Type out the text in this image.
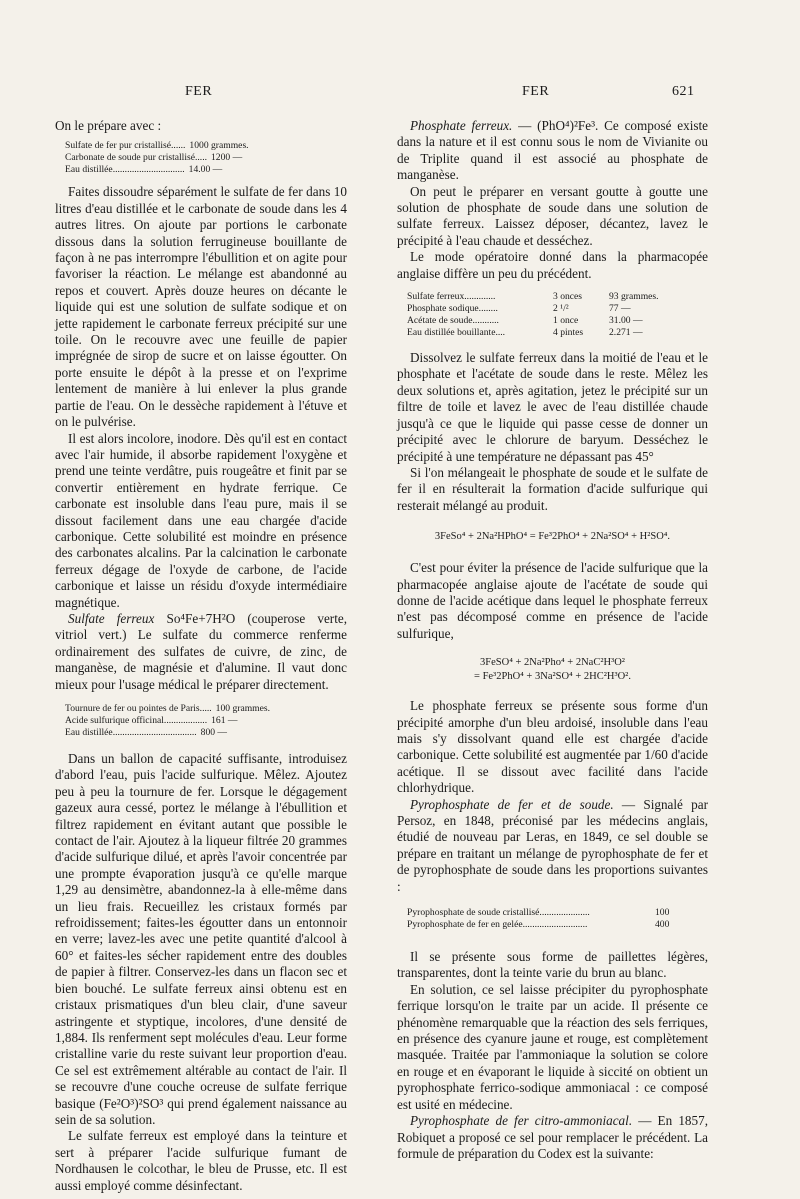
FER	FER	621

On le prépare avec :

Sulfate de fer pur cristallisé...... 1000 grammes.
Carbonate de soude pur cristallisé..... 1200 —
Eau distillée.............................. 14.00 —

Faites dissoudre séparément le sulfate de fer dans 10 litres d'eau distillée et le carbonate de soude dans les 4 autres litres. On ajoute par portions le carbonate dissous dans la solution ferrugineuse bouillante de façon à ne pas interrompre l'ébullition et on agite pour favoriser la réaction. Le mélange est abandonné au repos et couvert. Après douze heures on décante le liquide qui est une solution de sulfate sodique et on jette rapidement le carbonate ferreux précipité sur une toile. On le recouvre avec une feuille de papier imprégnée de sirop de sucre et on laisse égoutter. On porte ensuite le dépôt à la presse et on l'exprime lentement de manière à lui enlever la plus grande partie de l'eau. On le dessèche rapidement à l'étuve et on le pulvérise.

Il est alors incolore, inodore. Dès qu'il est en contact avec l'air humide, il absorbe rapidement l'oxygène et prend une teinte verdâtre, puis rougeâtre et finit par se convertir entièrement en hydrate ferrique. Ce carbonate est insoluble dans l'eau pure, mais il se dissout facilement dans une eau chargée d'acide carbonique. Cette solubilité est moindre en présence des carbonates alcalins. Par la calcination le carbonate ferreux dégage de l'oxyde de carbone, de l'acide carbonique et laisse un résidu d'oxyde intermédiaire magnétique.

Sulfate ferreux So⁴Fe+7H²O (couperose verte, vitriol vert.) Le sulfate du commerce renferme ordinairement des sulfates de cuivre, de zinc, de manganèse, de magnésie et d'alumine. Il vaut donc mieux pour l'usage médical le préparer directement.

Tournure de fer ou pointes de Paris..... 100 grammes.
Acide sulfurique officinal.................. 161 —
Eau distillée................................... 800 —

Dans un ballon de capacité suffisante, introduisez d'abord l'eau, puis l'acide sulfurique. Mêlez. Ajoutez peu à peu la tournure de fer. Lorsque le dégagement gazeux aura cessé, portez le mélange à l'ébullition et filtrez rapidement en évitant autant que possible le contact de l'air. Ajoutez à la liqueur filtrée 20 grammes d'acide sulfurique dilué, et après l'avoir concentrée par une prompte évaporation jusqu'à ce qu'elle marque 1,29 au densimètre, abandonnez-la à elle-même dans un lieu frais. Recueillez les cristaux formés par refroidissement; faites-les égoutter dans un entonnoir en verre; lavez-les avec une petite quantité d'alcool à 60° et faites-les sécher rapidement entre des doubles de papier à filtrer. Conservez-les dans un flacon sec et bien bouché. Le sulfate ferreux ainsi obtenu est en cristaux prismatiques d'un bleu clair, d'une saveur astringente et styptique, incolores, d'une densité de 1,884. Ils renferment sept molécules d'eau. Leur forme cristalline varie du reste suivant leur proportion d'eau. Ce sel est extrêmement altérable au contact de l'air. Il se recouvre d'une couche ocreuse de sulfate ferrique basique (Fe²O³)²SO³ qui prend également naissance au sein de sa solution.

Le sulfate ferreux est employé dans la teinture et sert à préparer l'acide sulfurique fumant de Nordhausen le colcothar, le bleu de Prusse, etc. Il est aussi employé comme désinfectant.

Phosphate ferreux. — (PhO⁴)²Fe³. Ce composé existe dans la nature et il est connu sous le nom de Vivianite ou de Triplite quand il est associé au phosphate de manganèse.

On peut le préparer en versant goutte à goutte une solution de phosphate de soude dans une solution de sulfate ferreux. Laissez déposer, décantez, lavez le précipité à l'eau chaude et desséchez.

Le mode opératoire donné dans la pharmacopée anglaise diffère un peu du précédent.

Sulfate ferreux.............	3 onces	93 grammes.
Phosphate sodique........	2 ¹/²	77 —
Acétate de soude...........	1 once	31.00 —
Eau distillée bouillante....	4 pintes	2.271 —

Dissolvez le sulfate ferreux dans la moitié de l'eau et le phosphate et l'acétate de soude dans le reste. Mêlez les deux solutions et, après agitation, jetez le précipité sur un filtre de toile et lavez le avec de l'eau distillée chaude jusqu'à ce que le liquide qui passe cesse de donner un précipité avec le chlorure de baryum. Desséchez le précipité à une température ne dépassant pas 45°

Si l'on mélangeait le phosphate de soude et le sulfate de fer il en résulterait la formation d'acide sulfurique qui resterait mélangé au produit.

3FeSo⁴ + 2Na²HPhO⁴ = Fe³2PhO⁴ + 2Na²SO⁴ + H²SO⁴.

C'est pour éviter la présence de l'acide sulfurique que la pharmacopée anglaise ajoute de l'acétate de soude qui donne de l'acide acétique dans lequel le phosphate ferreux n'est pas décomposé comme en présence de l'acide sulfurique,

3FeSO⁴ + 2Na²Pho⁴ + 2NaC²H³O²
= Fe³2PhO⁴ + 3Na²SO⁴ + 2HC²H³O².

Le phosphate ferreux se présente sous forme d'un précipité amorphe d'un bleu ardoisé, insoluble dans l'eau mais s'y dissolvant quand elle est chargée d'acide carbonique. Cette solubilité est augmentée par 1/60 d'acide acétique. Il se dissout avec facilité dans l'acide chlorhydrique.

Pyrophosphate de fer et de soude. — Signalé par Persoz, en 1848, préconisé par les médecins anglais, étudié de nouveau par Leras, en 1849, ce sel double se prépare en traitant un mélange de pyrophosphate de fer et de pyrophosphate de soude dans les proportions suivantes :

Pyrophosphate de soude cristallisé.....................	100
Pyrophosphate de fer en gelée...........................	400

Il se présente sous forme de paillettes légères, transparentes, dont la teinte varie du brun au blanc.

En solution, ce sel laisse précipiter du pyrophosphate ferrique lorsqu'on le traite par un acide. Il présente ce phénomène remarquable que la réaction des sels ferriques, en présence des cyanure jaune et rouge, est complètement masquée. Traitée par l'ammoniaque la solution se colore en rouge et en évaporant le liquide à siccité on obtient un pyrophosphate ferrico-sodique ammoniacal : ce composé est usité en médecine.

Pyrophosphate de fer citro-ammoniacal. — En 1857, Robiquet a proposé ce sel pour remplacer le précédent. La formule de préparation du Codex est la suivante:
